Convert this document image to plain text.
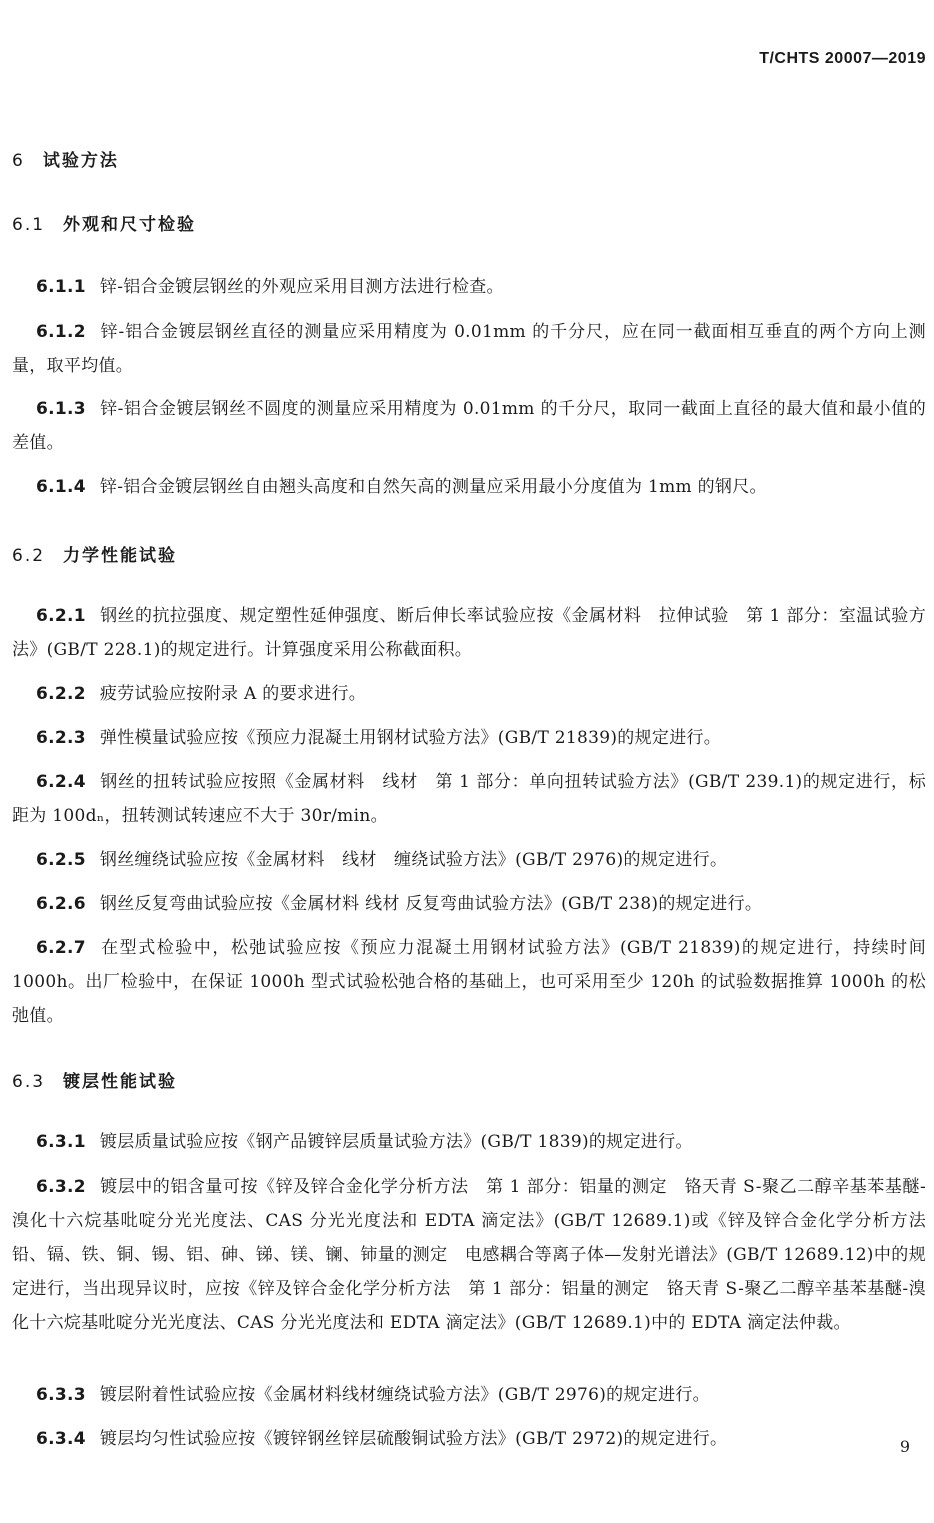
T/CHTS 20007—2019
6 试验方法
6.1 外观和尺寸检验
6.1.1 锌-铝合金镀层钢丝的外观应采用目测方法进行检查。
6.1.2 锌-铝合金镀层钢丝直径的测量应采用精度为 0.01mm 的千分尺，应在同一截面相互垂直的两个方向上测量，取平均值。
6.1.3 锌-铝合金镀层钢丝不圆度的测量应采用精度为 0.01mm 的千分尺，取同一截面上直径的最大值和最小值的差值。
6.1.4 锌-铝合金镀层钢丝自由翘头高度和自然矢高的测量应采用最小分度值为 1mm 的钢尺。
6.2 力学性能试验
6.2.1 钢丝的抗拉强度、规定塑性延伸强度、断后伸长率试验应按《金属材料　拉伸试验　第 1 部分：室温试验方法》(GB/T 228.1)的规定进行。计算强度采用公称截面积。
6.2.2 疲劳试验应按附录 A 的要求进行。
6.2.3 弹性模量试验应按《预应力混凝土用钢材试验方法》(GB/T 21839)的规定进行。
6.2.4 钢丝的扭转试验应按照《金属材料　线材　第 1 部分：单向扭转试验方法》(GB/T 239.1)的规定进行，标距为 100dₙ，扭转测试转速应不大于 30r/min。
6.2.5 钢丝缠绕试验应按《金属材料　线材　缠绕试验方法》(GB/T 2976)的规定进行。
6.2.6 钢丝反复弯曲试验应按《金属材料 线材 反复弯曲试验方法》(GB/T 238)的规定进行。
6.2.7 在型式检验中，松弛试验应按《预应力混凝土用钢材试验方法》(GB/T 21839)的规定进行，持续时间 1000h。出厂检验中，在保证 1000h 型式试验松弛合格的基础上，也可采用至少 120h 的试验数据推算 1000h 的松弛值。
6.3 镀层性能试验
6.3.1 镀层质量试验应按《钢产品镀锌层质量试验方法》(GB/T 1839)的规定进行。
6.3.2 镀层中的铝含量可按《锌及锌合金化学分析方法　第 1 部分：铝量的测定　铬天青 S-聚乙二醇辛基苯基醚-溴化十六烷基吡啶分光光度法、CAS 分光光度法和 EDTA 滴定法》(GB/T 12689.1)或《锌及锌合金化学分析方法 铅、镉、铁、铜、锡、铝、砷、锑、镁、镧、铈量的测定　电感耦合等离子体—发射光谱法》(GB/T 12689.12)中的规定进行，当出现异议时，应按《锌及锌合金化学分析方法　第 1 部分：铝量的测定　铬天青 S-聚乙二醇辛基苯基醚-溴化十六烷基吡啶分光光度法、CAS 分光光度法和 EDTA 滴定法》(GB/T 12689.1)中的 EDTA 滴定法仲裁。
6.3.3 镀层附着性试验应按《金属材料线材缠绕试验方法》(GB/T 2976)的规定进行。
6.3.4 镀层均匀性试验应按《镀锌钢丝锌层硫酸铜试验方法》(GB/T 2972)的规定进行。	9
